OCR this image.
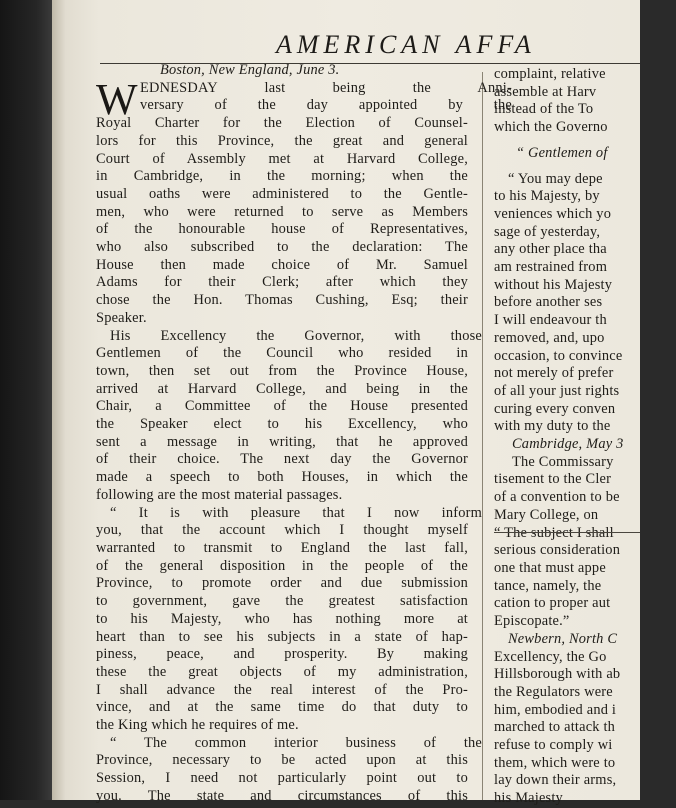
AMERICAN AFFA
Boston, New England, June 3.
W EDNESDAY last being the Anni-
versary of the day appointed by the
Royal Charter for the Election of Counsel-
lors for this Province, the great and general
Court of Assembly met at Harvard College,
in Cambridge, in the morning; when the
usual oaths were administered to the Gentle-
men, who were returned to serve as Members
of the honourable house of Representatives,
who also subscribed to the declaration: The
House then made choice of Mr. Samuel
Adams for their Clerk; after which they
chose the Hon. Thomas Cushing, Esq; their
Speaker.
His Excellency the Governor, with those
Gentlemen of the Council who resided in
town, then set out from the Province House,
arrived at Harvard College, and being in the
Chair, a Committee of the House presented
the Speaker elect to his Excellency, who
sent a message in writing, that he approved
of their choice. The next day the Governor
made a speech to both Houses, in which the
following are the most material passages.
“ It is with pleasure that I now inform
you, that the account which I thought myself
warranted to transmit to England the last fall,
of the general disposition in the people of the
Province, to promote order and due submission
to government, gave the greatest satisfaction
to his Majesty, who has nothing more at
heart than to see his subjects in a state of hap-
piness, peace, and prosperity. By making
these the great objects of my administration,
I shall advance the real interest of the Pro-
vince, and at the same time do that duty to
the King which he requires of me.
“ The common interior business of the
Province, necessary to be acted upon at this
Session, I need not particularly point out to
you. The state and circumstances of this
complaint, relative
assemble at Harv
instead of the To
which the Governo
“ Gentlemen of
“ You may depe
to his Majesty, by
veniences which yo
sage of yesterday,
any other place tha
am restrained from
without his Majesty
before another ses
I will endeavour th
removed, and, upo
occasion, to convince
not merely of prefer
of all your just rights
curing every conven
with my duty to the
Cambridge, May 3
The Commissary
tisement to the Cler
of a convention to be
Mary College, on
“ The subject I shall
serious consideration
one that must appe
tance, namely, the
cation to proper aut
Episcopate.”
Newbern, North C
Excellency, the Go
Hillsborough with ab
the Regulators were
him, embodied and i
marched to attack th
refuse to comply wi
them, which were to
lay down their arms,
his Majesty
